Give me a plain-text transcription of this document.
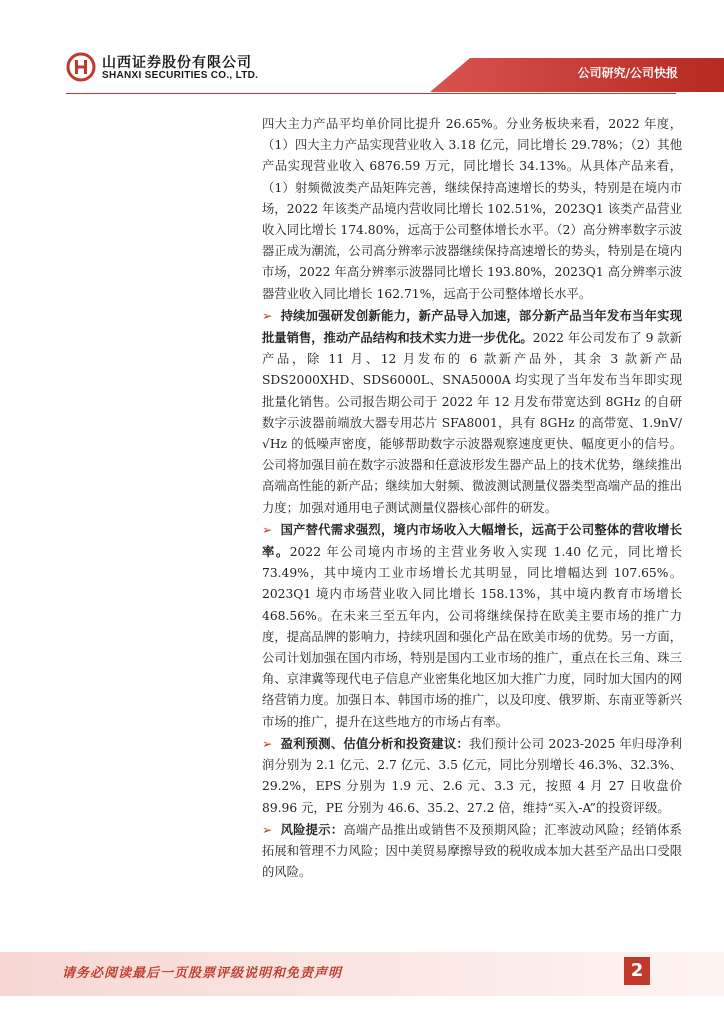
山西证券股份有限公司
SHANXI SECURITIES CO., LTD.	公司研究/公司快报

四大主力产品平均单价同比提升 26.65%。分业务板块来看，2022 年度，（1）四大主力产品实现营业收入 3.18 亿元，同比增长 29.78%；（2）其他产品实现营业收入 6876.59 万元，同比增长 34.13%。从具体产品来看，（1）射频微波类产品矩阵完善，继续保持高速增长的势头，特别是在境内市场，2022 年该类产品境内营收同比增长 102.51%，2023Q1 该类产品营业收入同比增长 174.80%，远高于公司整体增长水平。（2）高分辨率数字示波器正成为潮流，公司高分辨率示波器继续保持高速增长的势头，特别是在境内市场，2022 年高分辨率示波器同比增长 193.80%，2023Q1 高分辨率示波器营业收入同比增长 162.71%，远高于公司整体增长水平。

➢ 持续加强研发创新能力，新产品导入加速，部分新产品当年发布当年实现批量销售，推动产品结构和技术实力进一步优化。2022 年公司发布了 9 款新产品，除 11 月、12 月发布的 6 款新产品外，其余 3 款新产品 SDS2000XHD、SDS6000L、SNA5000A 均实现了当年发布当年即实现批量化销售。公司报告期公司于 2022 年 12 月发布带宽达到 8GHz 的自研数字示波器前端放大器专用芯片 SFA8001，具有 8GHz 的高带宽、1.9nV/√Hz 的低噪声密度，能够帮助数字示波器观察速度更快、幅度更小的信号。公司将加强目前在数字示波器和任意波形发生器产品上的技术优势，继续推出高端高性能的新产品；继续加大射频、微波测试测量仪器类型高端产品的推出力度；加强对通用电子测试测量仪器核心部件的研发。

➢ 国产替代需求强烈，境内市场收入大幅增长，远高于公司整体的营收增长率。2022 年公司境内市场的主营业务收入实现 1.40 亿元，同比增长 73.49%，其中境内工业市场增长尤其明显，同比增幅达到 107.65%。2023Q1 境内市场营业收入同比增长 158.13%，其中境内教育市场增长 468.56%。在未来三至五年内，公司将继续保持在欧美主要市场的推广力度，提高品牌的影响力，持续巩固和强化产品在欧美市场的优势。另一方面，公司计划加强在国内市场，特别是国内工业市场的推广，重点在长三角、珠三角、京津冀等现代电子信息产业密集化地区加大推广力度，同时加大国内的网络营销力度。加强日本、韩国市场的推广，以及印度、俄罗斯、东南亚等新兴市场的推广，提升在这些地方的市场占有率。

➢ 盈利预测、估值分析和投资建议：我们预计公司 2023-2025 年归母净利润分别为 2.1 亿元、2.7 亿元、3.5 亿元，同比分别增长 46.3%、32.3%、29.2%，EPS 分别为 1.9 元、2.6 元、3.3 元，按照 4 月 27 日收盘价 89.96 元，PE 分别为 46.6、35.2、27.2 倍，维持“买入-A”的投资评级。

➢ 风险提示：高端产品推出或销售不及预期风险；汇率波动风险；经销体系拓展和管理不力风险；因中美贸易摩擦导致的税收成本加大甚至产品出口受限的风险。

请务必阅读最后一页股票评级说明和免责声明	2
